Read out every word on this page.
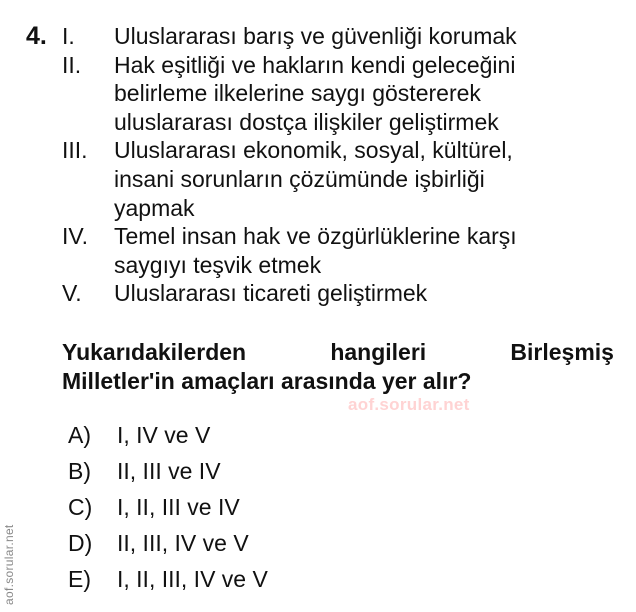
4. I. Uluslararası barış ve güvenliği korumak
II. Hak eşitliği ve hakların kendi geleceğini
belirleme ilkelerine saygı göstererek
uluslararası dostça ilişkiler geliştirmek
III. Uluslararası ekonomik, sosyal, kültürel,
insani sorunların çözümünde işbirliği
yapmak
IV. Temel insan hak ve özgürlüklerine karşı
saygıyı teşvik etmek
V. Uluslararası ticareti geliştirmek
Yukarıdakilerden	hangileri	Birleşmiş
Milletler'in amaçları arasında yer alır?
aof.sorular.net
A) I, IV ve V
B) II, III ve IV
C) I, II, III ve IV
D) II, III, IV ve V
E) I, II, III, IV ve V
aof.sorular.net
